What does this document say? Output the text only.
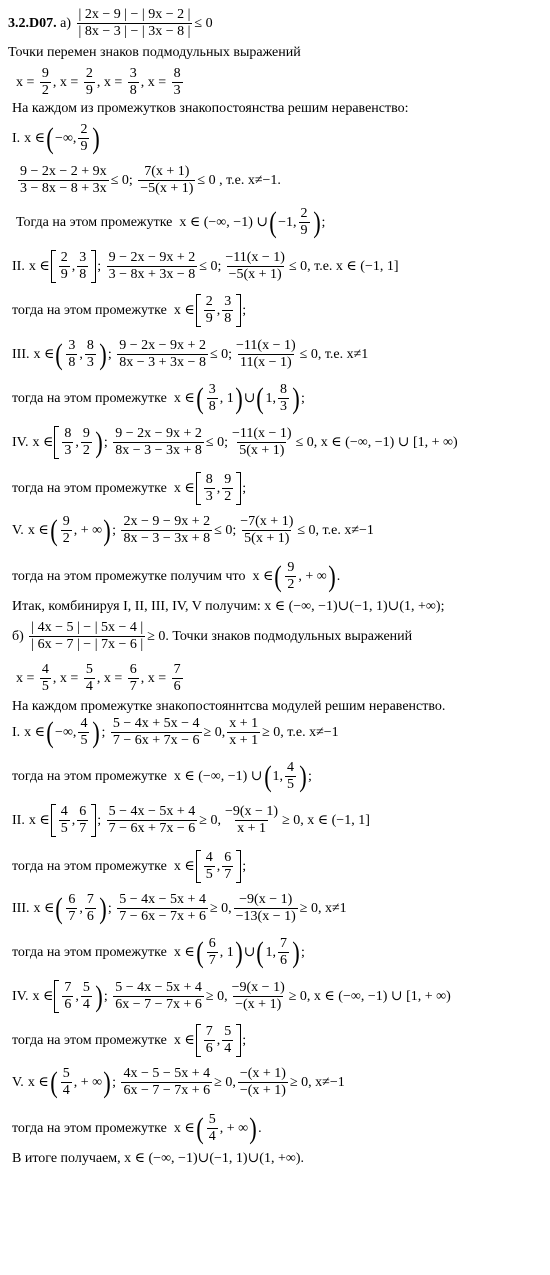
3.2.D07.
а)
$\frac{| 2x - 9 | - | 9x - 2 |}{| 8x - 3 | - | 3x - 8 |} \le 0$
Точки перемен знаков подмодульных выражений
x =
$\frac{9}{2}$ , x =
$\frac{2}{9}$ , x =
$\frac{3}{8}$ , x =
$\frac{8}{3}$
На каждом из промежутков знакопостоянства решим неравенство:
I. x ∈ ( −∞, $\frac{2}{9}$ )
$\frac{9 - 2x - 2 + 9x}{3 - 8x - 8 + 3x} \le 0$;
$\frac{7(x + 1)}{-5(x + 1)} \le 0$
, т.е. x≠−1.
Тогда на этом промежутке
x ∈ (−∞, −1) ∪ ( −1, $\frac{2}{9}$ ) ;
II. x ∈ $\frac{2}{9}$ , $\frac{3}{8}$ ;
$\frac{9 - 2x - 9x + 2}{3 - 8x + 3x - 8} \le 0$; $\frac{-11(x - 1)}{-5(x + 1)} \le 0$ , т.е. x ∈ (−1, 1]
тогда на этом промежутке
x ∈ $\frac{2}{9}$ , $\frac{3}{8}$ ;
III. x ∈ ( $\frac{3}{8}$ , $\frac{8}{3}$ ) ;
$\frac{9 - 2x - 9x + 2}{8x - 3 + 3x - 8} \le 0$; $\frac{-11(x - 1)}{11(x - 1)} \le 0$ , т.е. x≠1
тогда на этом промежутке
x ∈ ( $\frac{3}{8}$ , 1 ) ∪ ( 1, $\frac{8}{3}$ ) ;
IV. x ∈ $\frac{8}{3}$ , $\frac{9}{2}$ ) ;
$\frac{9 - 2x - 9x + 2}{8x - 3 - 3x + 8} \le 0$; $\frac{-11(x - 1)}{5(x + 1)} \le 0$,
x ∈ (−∞, −1) ∪ [1, + ∞)
тогда на этом промежутке
x ∈ $\frac{8}{3}$ , $\frac{9}{2}$ ;
V. x ∈ ( $\frac{9}{2}$ , + ∞ ) ;
$\frac{2x - 9 - 9x + 2}{8x - 3 - 3x + 8} \le 0$; $\frac{-7(x + 1)}{5(x + 1)} \le 0$ , т.е. x≠−1
тогда на этом промежутке получим что
x ∈ ( $\frac{9}{2}$ , + ∞ ) .
Итак, комбинируя I, II, III, IV, V получим: x ∈ (−∞, −1)∪(−1, 1)∪(1, +∞);
б)
$\frac{| 4x - 5 | - | 5x - 4 |}{| 6x - 7 | - | 7x - 6 |} \ge 0$ . Точки знаков подмодульных выражений
x =
$\frac{4}{5}$ , x =
$\frac{5}{4}$ , x =
$\frac{6}{7}$ , x =
$\frac{7}{6}$
На каждом промежутке знакопостояннтсва модулей решим неравенство.
I. x ∈ ( −∞, $\frac{4}{5}$ ) ;
$\frac{5 - 4x + 5x - 4}{7 - 6x + 7x - 6} \ge 0$, $\frac{x + 1}{x + 1} \ge 0$ , т.е. x≠−1
тогда на этом промежутке
x ∈ (−∞, −1) ∪ ( 1, $\frac{4}{5}$ ) ;
II. x ∈ $\frac{4}{5}$ , $\frac{6}{7}$ ;
$\frac{5 - 4x - 5x + 4}{7 - 6x + 7x - 6} \ge 0$, $\frac{-9(x - 1)}{x + 1} \ge 0$ , x ∈ (−1, 1]
тогда на этом промежутке
x ∈ $\frac{4}{5}$ , $\frac{6}{7}$ ;
III. x ∈ ( $\frac{6}{7}$ , $\frac{7}{6}$ ) ;
$\frac{5 - 4x - 5x + 4}{7 - 6x - 7x + 6} \ge 0$, $\frac{-9(x - 1)}{-13(x - 1)} \ge 0$ , x≠1
тогда на этом промежутке
x ∈ ( $\frac{6}{7}$ , 1 ) ∪ ( 1, $\frac{7}{6}$ ) ;
IV. x ∈ $\frac{7}{6}$ , $\frac{5}{4}$ ) ;
$\frac{5 - 4x - 5x + 4}{6x - 7 - 7x + 6} \ge 0$, $\frac{-9(x - 1)}{-(x + 1)} \ge 0$,
x ∈ (−∞, −1) ∪ [1, + ∞)
тогда на этом промежутке
x ∈ $\frac{7}{6}$ , $\frac{5}{4}$ ;
V. x ∈ ( $\frac{5}{4}$ , + ∞ ) ;
$\frac{4x - 5 - 5x + 4}{6x - 7 - 7x + 6} \ge 0$, $\frac{-(x + 1)}{-(x + 1)} \ge 0$,
x≠−1
тогда на этом промежутке
x ∈ ( $\frac{5}{4}$ , + ∞ ) .
В итоге получаем, x ∈ (−∞, −1)∪(−1, 1)∪(1, +∞).
